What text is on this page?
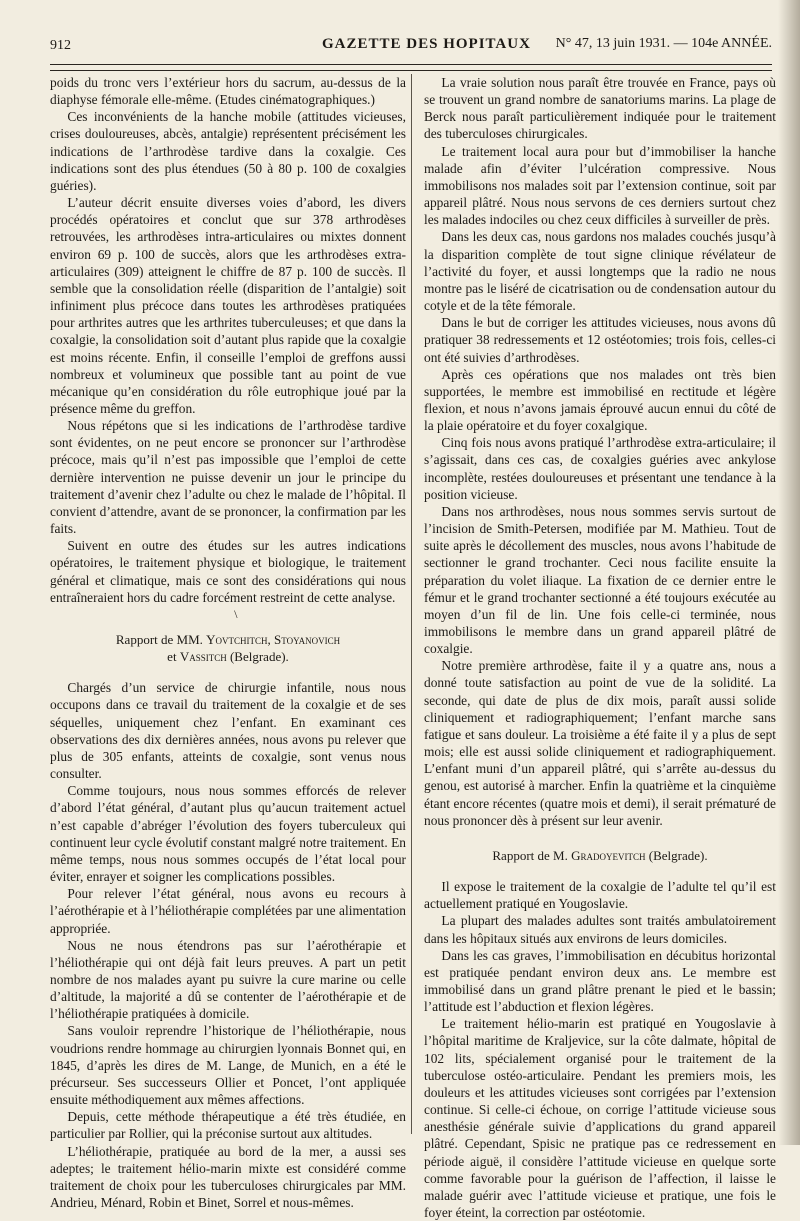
912	GAZETTE DES HOPITAUX N° 47, 13 juin 1931. — 104e ANNÉE.

poids du tronc vers l’extérieur hors du sacrum, au-dessus de la diaphyse fémorale elle-même. (Etudes cinématographiques.)

Ces inconvénients de la hanche mobile (attitudes vicieuses, crises douloureuses, abcès, antalgie) représentent précisément les indications de l’arthrodèse tardive dans la coxalgie. Ces indications sont des plus étendues (50 à 80 p. 100 de coxalgies guéries).

L’auteur décrit ensuite diverses voies d’abord, les divers procédés opératoires et conclut que sur 378 arthrodèses retrouvées, les arthrodèses intra-articulaires ou mixtes donnent environ 69 p. 100 de succès, alors que les arthrodèses extra-articulaires (309) atteignent le chiffre de 87 p. 100 de succès. Il semble que la consolidation réelle (disparition de l’antalgie) soit infiniment plus précoce dans toutes les arthrodèses pratiquées pour arthrites autres que les arthrites tuberculeuses; et que dans la coxalgie, la consolidation soit d’autant plus rapide que la coxalgie est moins récente. Enfin, il conseille l’emploi de greffons aussi nombreux et volumineux que possible tant au point de vue mécanique qu’en considération du rôle eutrophique joué par la présence même du greffon.

Nous répétons que si les indications de l’arthrodèse tardive sont évidentes, on ne peut encore se prononcer sur l’arthrodèse précoce, mais qu’il n’est pas impossible que l’emploi de cette dernière intervention ne puisse devenir un jour le principe du traitement d’avenir chez l’adulte ou chez le malade de l’hôpital. Il convient d’attendre, avant de se prononcer, la confirmation par les faits.

Suivent en outre des études sur les autres indications opératoires, le traitement physique et biologique, le traitement général et climatique, mais ce sont des considérations qui nous entraîneraient hors du cadre forcément restreint de cette analyse.

\

Rapport de MM. Yovtchitch, Stoyanovich
et Vassitch (Belgrade).

Chargés d’un service de chirurgie infantile, nous nous occupons dans ce travail du traitement de la coxalgie et de ses séquelles, uniquement chez l’enfant. En examinant ces observations des dix dernières années, nous avons pu relever que plus de 305 enfants, atteints de coxalgie, sont venus nous consulter.

Comme toujours, nous nous sommes efforcés de relever d’abord l’état général, d’autant plus qu’aucun traitement actuel n’est capable d’abréger l’évolution des foyers tuberculeux qui continuent leur cycle évolutif constant malgré notre traitement. En même temps, nous nous sommes occupés de l’état local pour éviter, enrayer et soigner les complications possibles.

Pour relever l’état général, nous avons eu recours à l’aérothérapie et à l’héliothérapie complétées par une alimentation appropriée.

Nous ne nous étendrons pas sur l’aérothérapie et l’héliothérapie qui ont déjà fait leurs preuves. A part un petit nombre de nos malades ayant pu suivre la cure marine ou celle d’altitude, la majorité a dû se contenter de l’aérothérapie et de l’héliothérapie pratiquées à domicile.

Sans vouloir reprendre l’historique de l’héliothérapie, nous voudrions rendre hommage au chirurgien lyonnais Bonnet qui, en 1845, d’après les dires de M. Lange, de Munich, en a été le précurseur. Ses successeurs Ollier et Poncet, l’ont appliquée ensuite méthodiquement aux mêmes affections.

Depuis, cette méthode thérapeutique a été très étudiée, en particulier par Rollier, qui la préconise surtout aux altitudes.

L’héliothérapie, pratiquée au bord de la mer, a aussi ses adeptes; le traitement hélio-marin mixte est considéré comme traitement de choix pour les tuberculoses chirurgicales par MM. Andrieu, Ménard, Robin et Binet, Sorrel et nous-mêmes.

La vraie solution nous paraît être trouvée en France, pays où se trouvent un grand nombre de sanatoriums marins. La plage de Berck nous paraît particulièrement indiquée pour le traitement des tuberculoses chirurgicales.

Le traitement local aura pour but d’immobiliser la hanche malade afin d’éviter l’ulcération compressive. Nous immobilisons nos malades soit par l’extension continue, soit par appareil plâtré. Nous nous servons de ces derniers surtout chez les malades indociles ou chez ceux difficiles à surveiller de près.

Dans les deux cas, nous gardons nos malades couchés jusqu’à la disparition complète de tout signe clinique révélateur de l’activité du foyer, et aussi longtemps que la radio ne nous montre pas le liséré de cicatrisation ou de condensation autour du cotyle et de la tête fémorale.

Dans le but de corriger les attitudes vicieuses, nous avons dû pratiquer 38 redressements et 12 ostéotomies; trois fois, celles-ci ont été suivies d’arthrodèses.

Après ces opérations que nos malades ont très bien supportées, le membre est immobilisé en rectitude et légère flexion, et nous n’avons jamais éprouvé aucun ennui du côté de la plaie opératoire et du foyer coxalgique.

Cinq fois nous avons pratiqué l’arthrodèse extra-articulaire; il s’agissait, dans ces cas, de coxalgies guéries avec ankylose incomplète, restées douloureuses et présentant une tendance à la position vicieuse.

Dans nos arthrodèses, nous nous sommes servis surtout de l’incision de Smith-Petersen, modifiée par M. Mathieu. Tout de suite après le décollement des muscles, nous avons l’habitude de sectionner le grand trochanter. Ceci nous facilite ensuite la préparation du volet iliaque. La fixation de ce dernier entre le fémur et le grand trochanter sectionné a été toujours exécutée au moyen d’un fil de lin. Une fois celle-ci terminée, nous immobilisons le membre dans un grand appareil plâtré de coxalgie.

Notre première arthrodèse, faite il y a quatre ans, nous a donné toute satisfaction au point de vue de la solidité. La seconde, qui date de plus de dix mois, paraît aussi solide cliniquement et radiographiquement; l’enfant marche sans fatigue et sans douleur. La troisième a été faite il y a plus de sept mois; elle est aussi solide cliniquement et radiographiquement. L’enfant muni d’un appareil plâtré, qui s’arrête au-dessus du genou, est autorisé à marcher. Enfin la quatrième et la cinquième étant encore récentes (quatre mois et demi), il serait prématuré de nous prononcer dès à présent sur leur avenir.

Rapport de M. Gradoyevitch (Belgrade).

Il expose le traitement de la coxalgie de l’adulte tel qu’il est actuellement pratiqué en Yougoslavie.

La plupart des malades adultes sont traités ambulatoirement dans les hôpitaux situés aux environs de leurs domiciles.

Dans les cas graves, l’immobilisation en décubitus horizontal est pratiquée pendant environ deux ans. Le membre est immobilisé dans un grand plâtre prenant le pied et le bassin; l’attitude est l’abduction et flexion légères.

Le traitement hélio-marin est pratiqué en Yougoslavie à l’hôpital maritime de Kraljevice, sur la côte dalmate, hôpital de 102 lits, spécialement organisé pour le traitement de la tuberculose ostéo-articulaire. Pendant les premiers mois, les douleurs et les attitudes vicieuses sont corrigées par l’extension continue. Si celle-ci échoue, on corrige l’attitude vicieuse sous anesthésie générale suivie d’applications du grand appareil plâtré. Cependant, Spisic ne pratique pas ce redressement en période aiguë, il considère l’attitude vicieuse en quelque sorte comme favorable pour la guérison de l’affection, il laisse le malade guérir avec l’attitude vicieuse et pratique, une fois le foyer éteint, la correction par ostéotomie.
